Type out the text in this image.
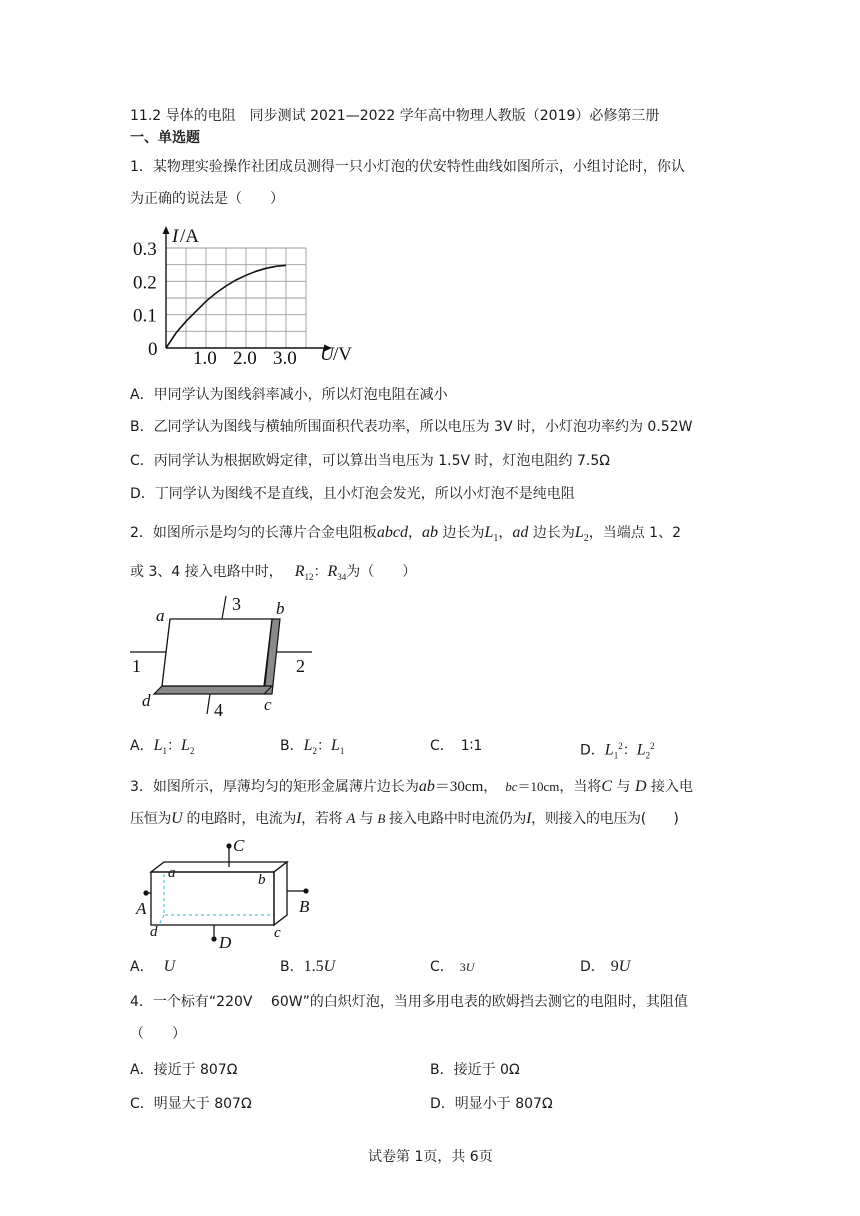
11.2 导体的电阻　同步测试 2021—2022 学年高中物理人教版（2019）必修第三册
一、单选题
1．某物理实验操作社团成员测得一只小灯泡的伏安特性曲线如图所示，小组讨论时，你认
为正确的说法是（　　）
I /A
U /V
0 1.0 2.0 3.0
0.1
0.2
0.3
A．甲同学认为图线斜率减小，所以灯泡电阻在减小
B．乙同学认为图线与横轴所围面积代表功率，所以电压为 3V 时，小灯泡功率约为 0.52W
C．丙同学认为根据欧姆定律，可以算出当电压为 1.5V 时，灯泡电阻约 7.5Ω
D．丁同学认为图线不是直线，且小灯泡会发光，所以小灯泡不是纯电阻
2．如图所示是均匀的长薄片合金电阻板abcd，ab 边长为$L_1$，ad 边长为$L_2$，当端点 1、2
或 3、4 接入电路中时， $R_{12}$：$R_{34}$为（　　）
a	b
c
d
1	2
3
4
A．$L_1$：$L_2$	B．$L_2$：$L_1$	C． 1∶1	D．$L_1^2$：$L_2^2$
3．如图所示，厚薄均匀的矩形金属薄片边长为ab＝30cm， bc＝10cm，当将C 与 D 接入电
压恒为U 的电路时，电流为I，若将 A 与 B 接入电路中时电流仍为I，则接入的电压为(　　)
C
D
A	B
a	b
c
d
A． U	B．1.5U	C． 3U	D． 9U
4．一个标有“220V　 60W”的白炽灯泡，当用多用电表的欧姆挡去测它的电阻时，其阻值
（　　）
A．接近于 807Ω	B．接近于 0Ω
C．明显大于 807Ω	D．明显小于 807Ω
试卷第 1页，共 6页
